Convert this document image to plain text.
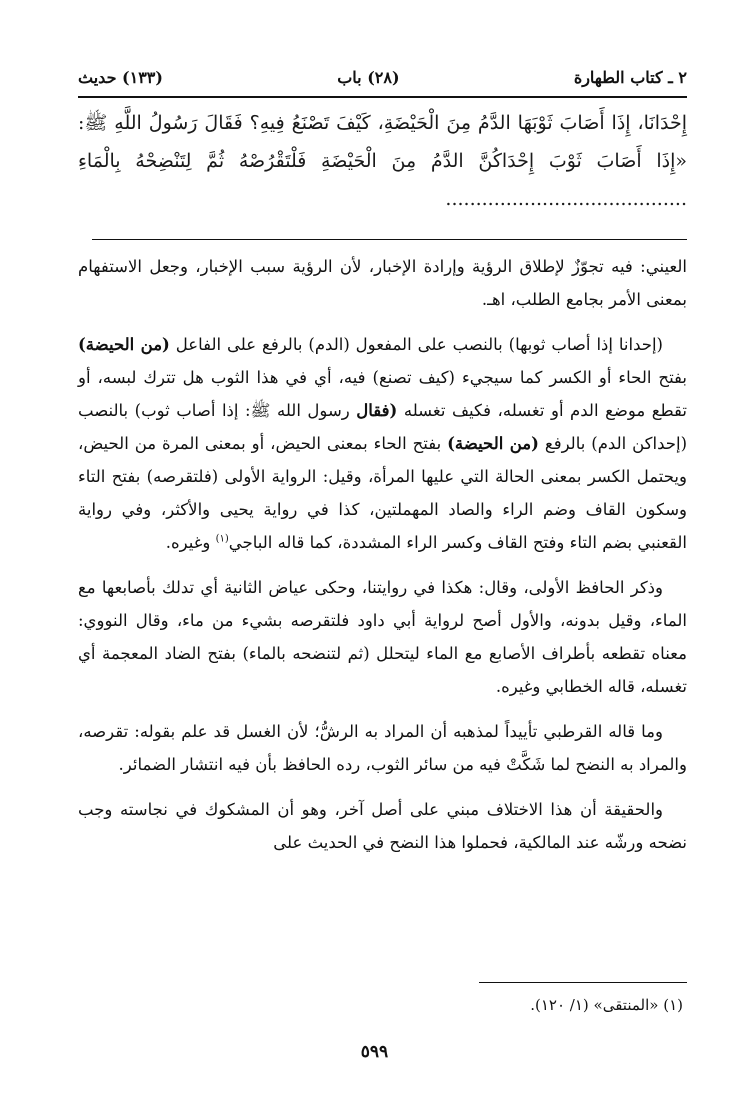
٢ ـ كتاب الطهارة
(٢٨) باب
(١٣٣) حديث
إِحْدَانَا، إِذَا أَصَابَ ثَوْبَهَا الدَّمُ مِنَ الْحَيْضَةِ، كَيْفَ تَصْنَعُ فِيهِ؟ فَقَالَ رَسُولُ اللَّهِ ﷺ: «إِذَا أَصَابَ ثَوْبَ إِحْدَاكُنَّ الدَّمُ مِنَ الْحَيْضَةِ فَلْتَقْرُصْهُ ثُمَّ لِتَنْضِحْهُ بِالْمَاءِ ........................................

العيني: فيه تجوّزٌ لإطلاق الرؤية وإرادة الإخبار، لأن الرؤية سبب الإخبار، وجعل الاستفهام بمعنى الأمر بجامع الطلب، اهـ.

(إحدانا إذا أصاب ثوبها) بالنصب على المفعول (الدم) بالرفع على الفاعل (من الحيضة) بفتح الحاء أو الكسر كما سيجيء (كيف تصنع) فيه، أي في هذا الثوب هل تترك لبسه، أو تقطع موضع الدم أو تغسله، فكيف تغسله (فقال رسول الله ﷺ: إذا أصاب ثوب) بالنصب (إحداكن الدم) بالرفع (من الحيضة) بفتح الحاء بمعنى الحيض، أو بمعنى المرة من الحيض، ويحتمل الكسر بمعنى الحالة التي عليها المرأة، وقيل: الرواية الأولى (فلتقرصه) بفتح التاء وسكون القاف وضم الراء والصاد المهملتين، كذا في رواية يحيى والأكثر، وفي رواية القعنبي بضم التاء وفتح القاف وكسر الراء المشددة، كما قاله الباجي$^{(١)}$ وغيره.

وذكر الحافظ الأولى، وقال: هكذا في روايتنا، وحكى عياض الثانية أي تدلك بأصابعها مع الماء، وقيل بدونه، والأول أصح لرواية أبي داود فلتقرصه بشيء من ماء، وقال النووي: معناه تقطعه بأطراف الأصابع مع الماء ليتحلل (ثم لتنضحه بالماء) بفتح الضاد المعجمة أي تغسله، قاله الخطابي وغيره.

وما قاله القرطبي تأييداً لمذهبه أن المراد به الرشُّ؛ لأن الغسل قد علم بقوله: تقرصه، والمراد به النضح لما شَكَّتْ فيه من سائر الثوب، رده الحافظ بأن فيه انتشار الضمائر.

والحقيقة أن هذا الاختلاف مبني على أصل آخر، وهو أن المشكوك في نجاسته وجب نضحه ورشّه عند المالكية، فحملوا هذا النضح في الحديث على

(١) «المنتقى» (١/ ١٢٠).
٥٩٩
